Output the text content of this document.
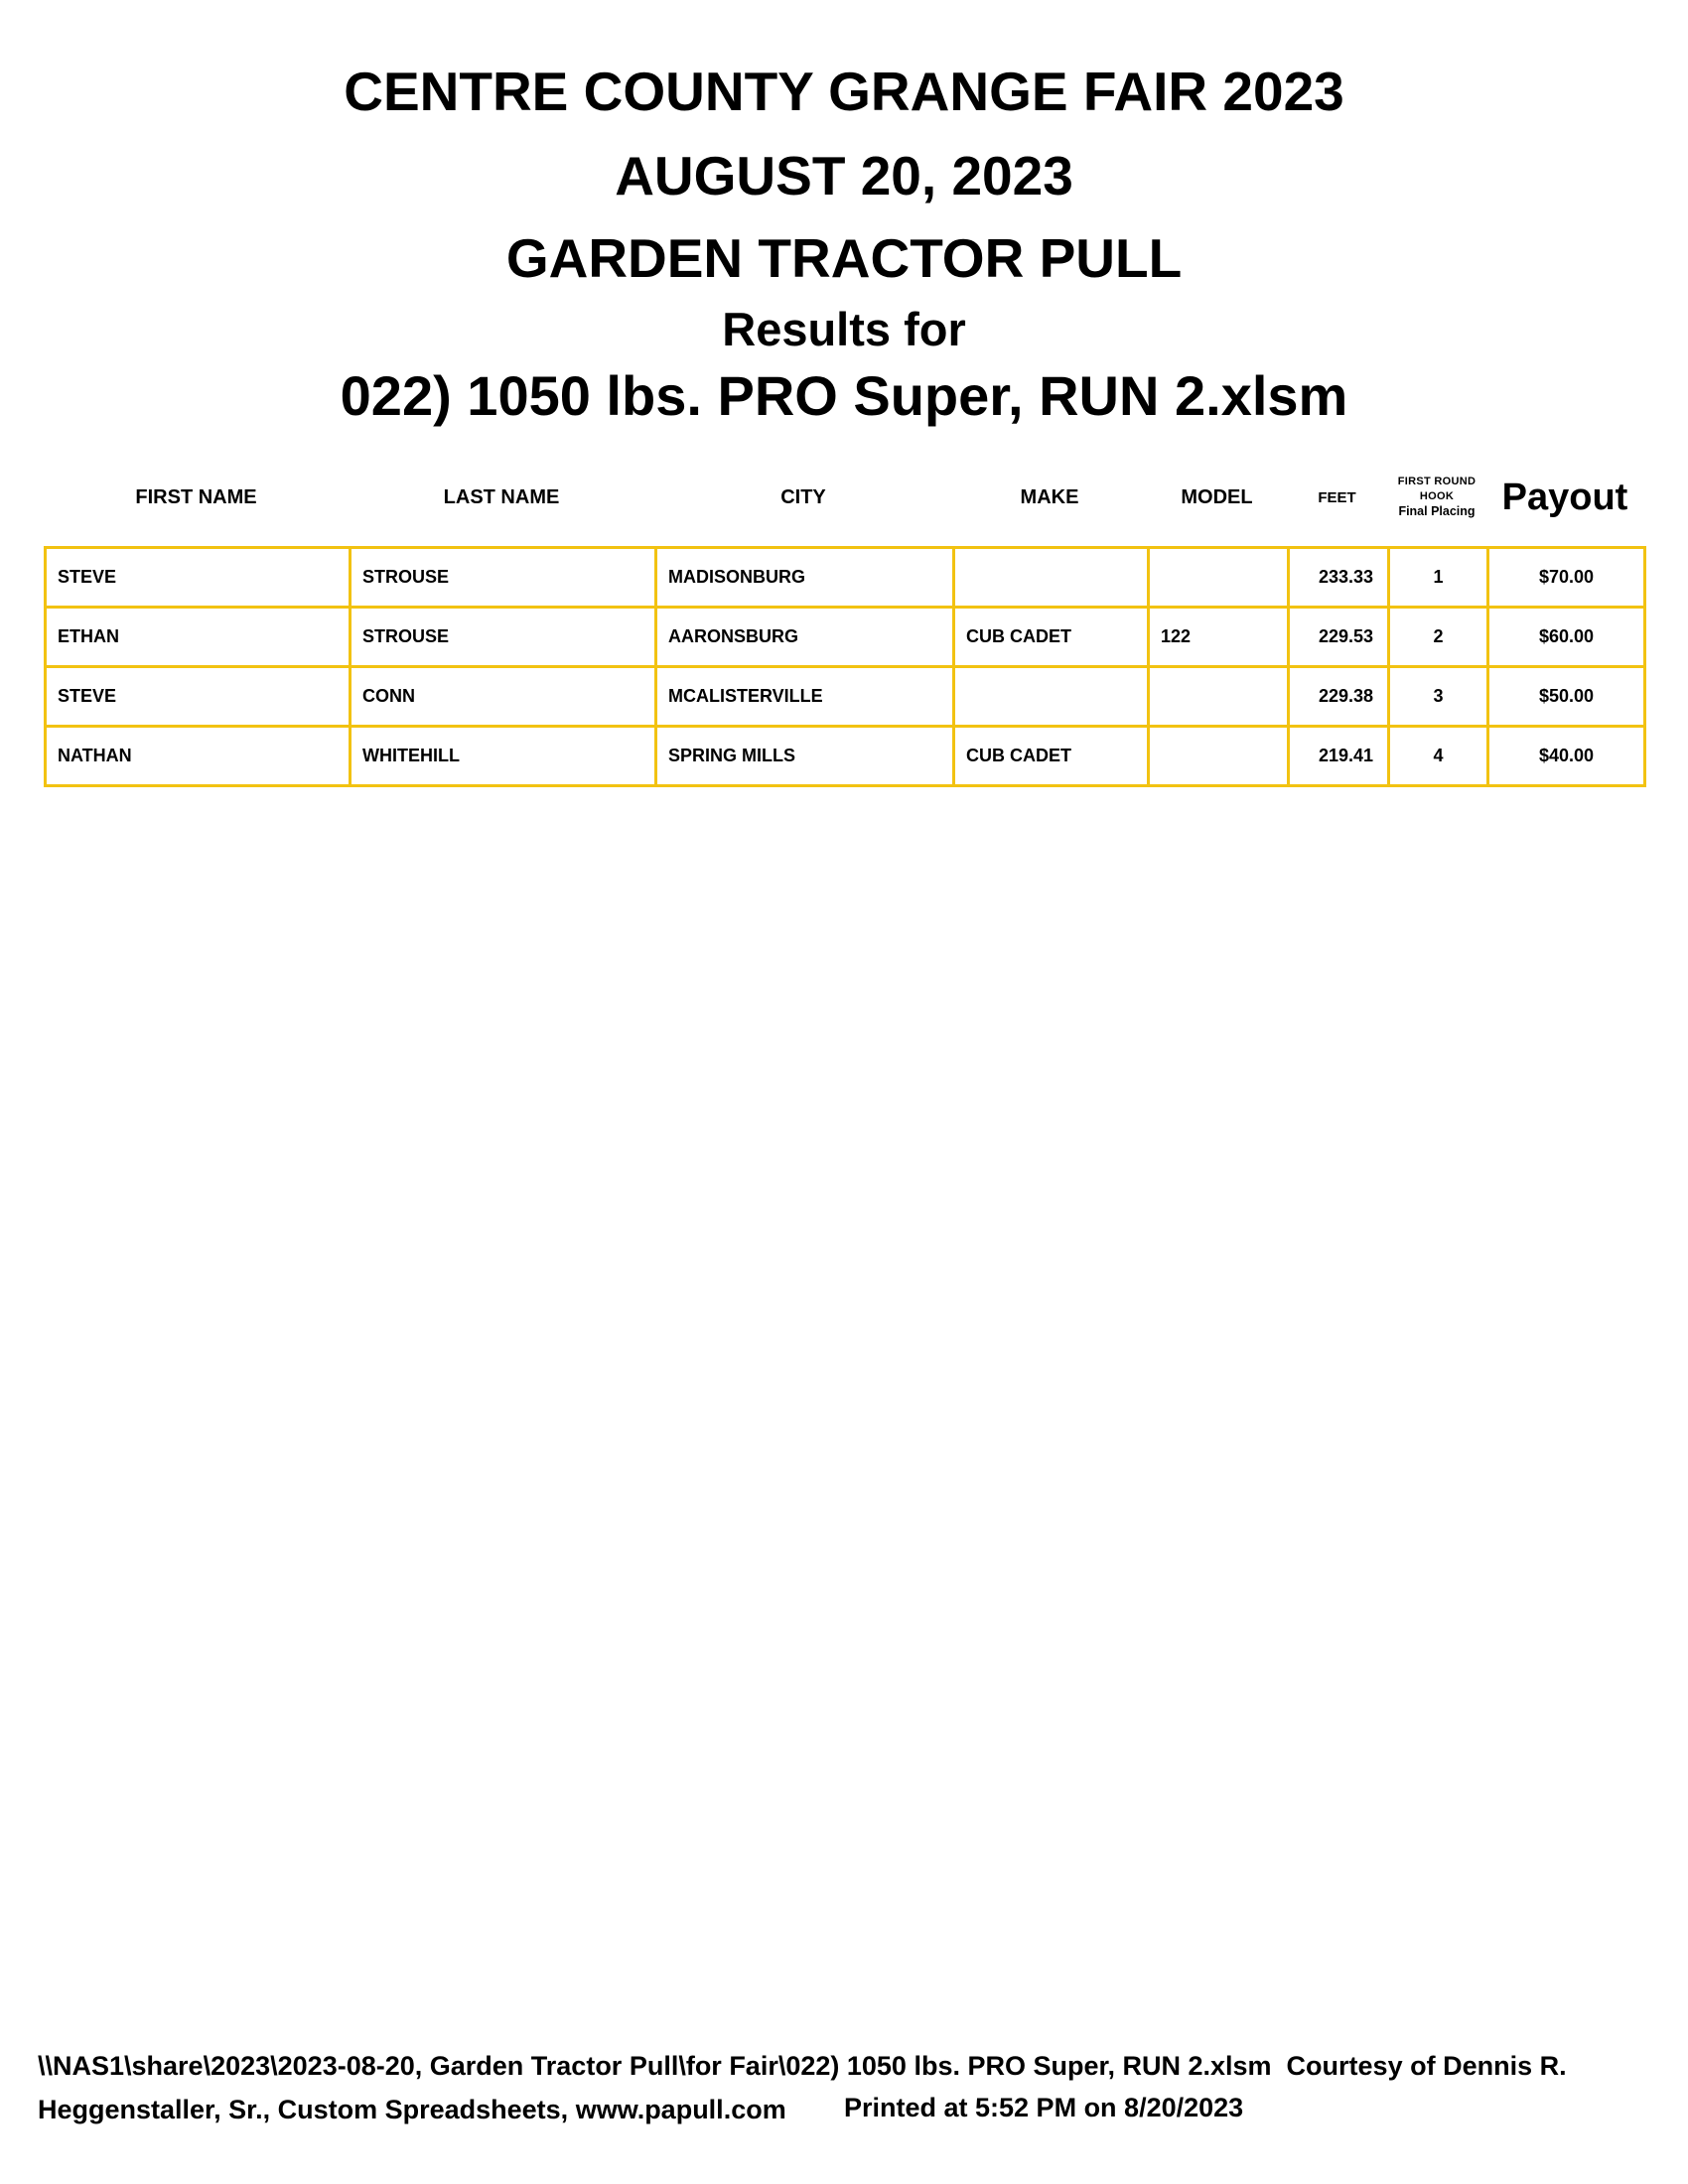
CENTRE COUNTY GRANGE FAIR 2023
AUGUST 20, 2023
GARDEN TRACTOR PULL
Results for
022) 1050 lbs. PRO Super, RUN 2.xlsm
FIRST NAME	LAST NAME	CITY	MAKE	MODEL	FEET
FIRST ROUND
HOOK
Final Placing Payout
STEVE	STROUSE	MADISONBURG			233.33	1	$70.00
ETHAN	STROUSE	AARONSBURG	CUB CADET	122	229.53	2	$60.00
STEVE	CONN	MCALISTERVILLE			229.38	3	$50.00
NATHAN	WHITEHILL	SPRING MILLS	CUB CADET		219.41	4	$40.00
\\NAS1\share\2023\2023-08-20, Garden Tractor Pull\for Fair\022) 1050 lbs. PRO Super, RUN 2.xlsm  Courtesy of Dennis R.
Heggenstaller, Sr., Custom Spreadsheets, www.papull.com	Printed at 5:52 PM on 8/20/2023
